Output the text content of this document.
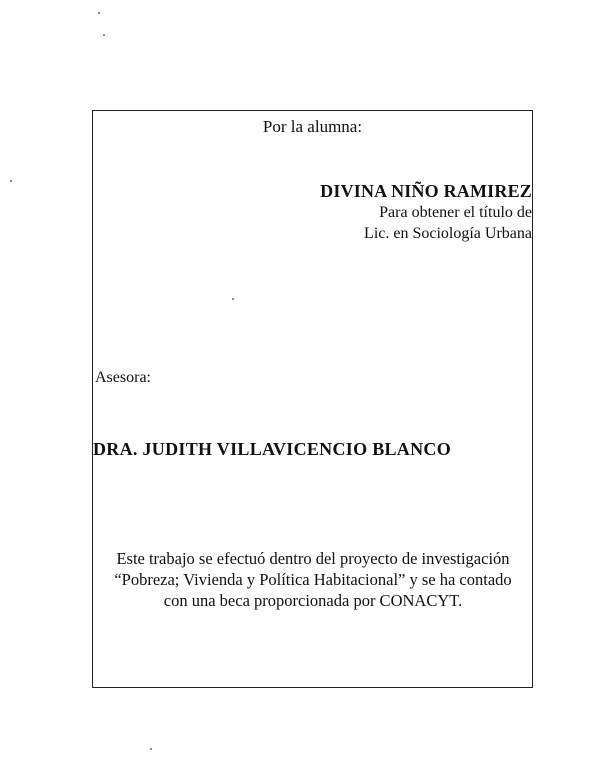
Por la alumna:
DIVINA NIÑO RAMIREZ
Para obtener el título de
Lic. en Sociología Urbana
Asesora:
DRA. JUDITH VILLAVICENCIO BLANCO
Este trabajo se efectuó dentro del proyecto de investigación “Pobreza; Vivienda y Política Habitacional” y se ha contado con una beca proporcionada por CONACYT.
